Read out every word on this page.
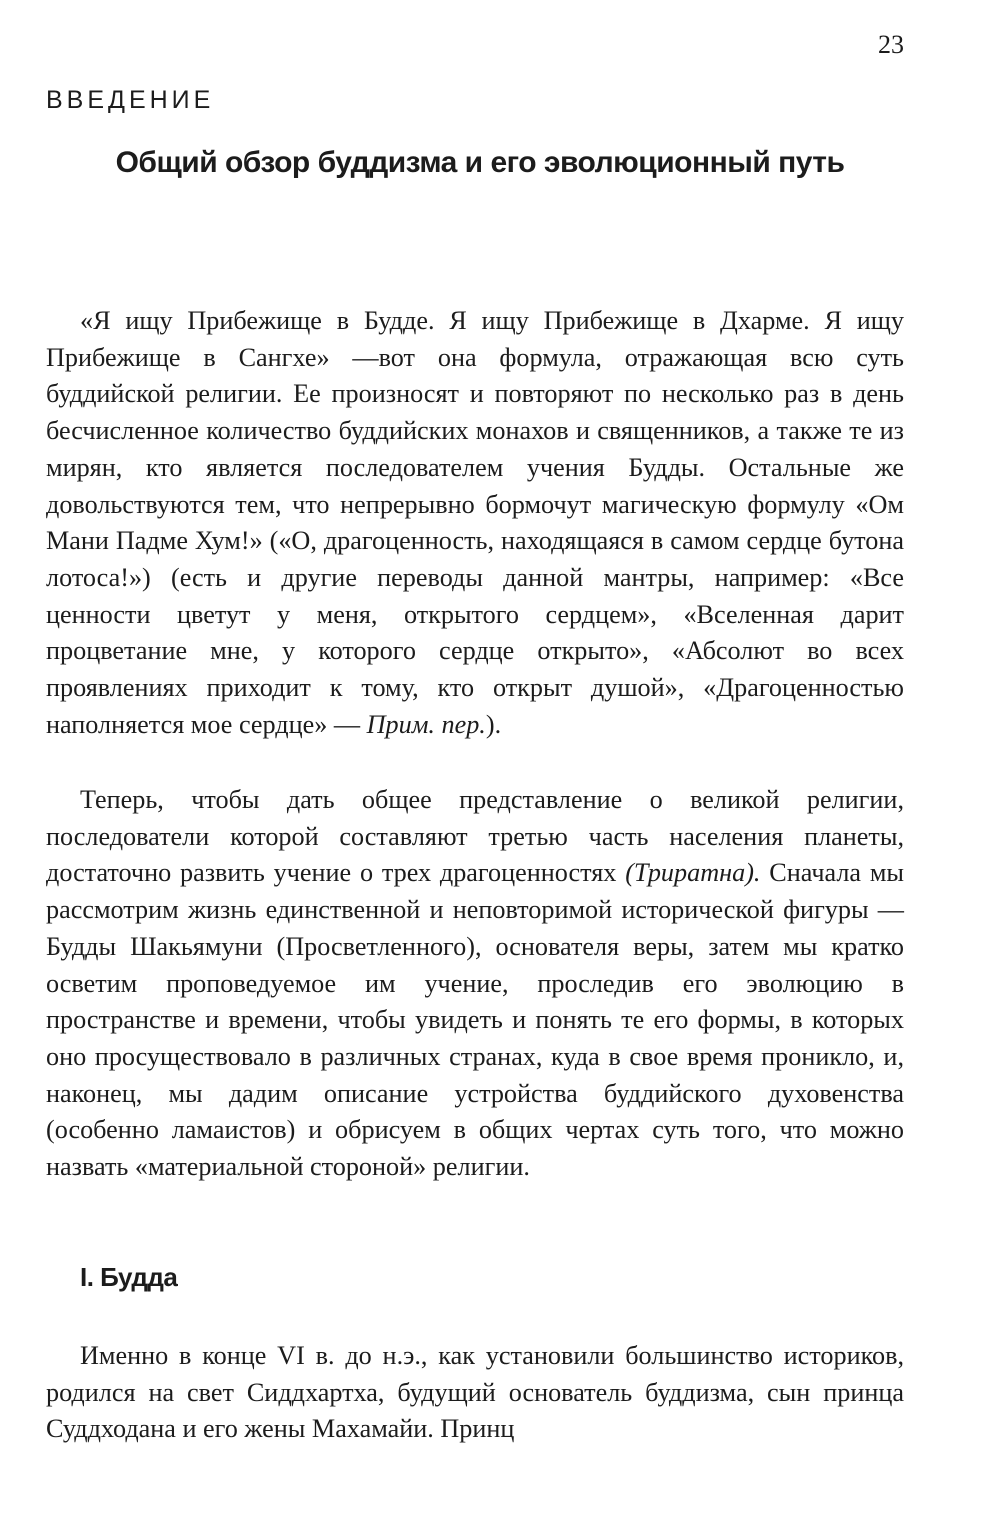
23
ВВЕДЕНИЕ
Общий обзор буддизма и его эволюционный путь

«Я ищу Прибежище в Будде. Я ищу Прибежище в Дхарме. Я ищу Прибежище в Сангхе» —вот она формула, отражающая всю суть буддийской религии. Ее произносят и повторяют по несколько раз в день бесчисленное количество буддийских монахов и священников, а также те из мирян, кто является последователем учения Будды. Остальные же довольствуются тем, что непрерывно бормочут магическую формулу «Ом Мани Падме Хум!» («О, драгоценность, находящаяся в самом сердце бутона лотоса!») (есть и другие переводы данной мантры, например: «Все ценности цветут у меня, открытого сердцем», «Вселенная дарит процветание мне, у которого сердце открыто», «Абсолют во всех проявлениях приходит к тому, кто открыт душой», «Драгоценностью наполняется мое сердце» — Прим. пер.).

Теперь, чтобы дать общее представление о великой религии, последователи которой составляют третью часть населения планеты, достаточно развить учение о трех драгоценностях (Триратна). Сначала мы рассмотрим жизнь единственной и неповторимой исторической фигуры — Будды Шакьямуни (Просветленного), основателя веры, затем мы кратко осветим проповедуемое им учение, проследив его эволюцию в пространстве и времени, чтобы увидеть и понять те его формы, в которых оно просуществовало в различных странах, куда в свое время проникло, и, наконец, мы дадим описание устройства буддийского духовенства (особенно ламаистов) и обрисуем в общих чертах суть того, что можно назвать «материальной стороной» религии.

I. Будда

Именно в конце VI в. до н.э., как установили большинство историков, родился на свет Сиддхартха, будущий основатель буддизма, сын принца Суддходана и его жены Махамайи. Принц
